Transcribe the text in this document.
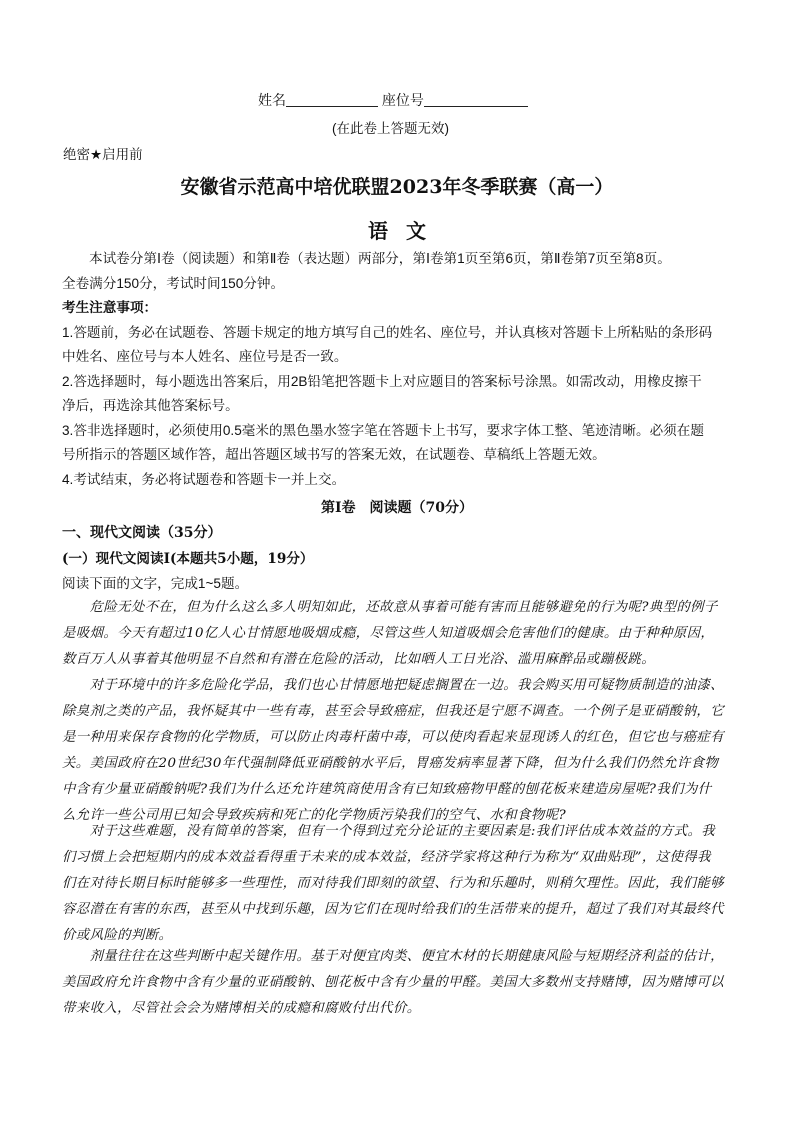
姓名	座位号
(在此卷上答题无效)
绝密★启用前
安徽省示范高中培优联盟2023年冬季联赛（高一）
语文
本试卷分第Ⅰ卷（阅读题）和第Ⅱ卷（表达题）两部分，第Ⅰ卷第1页至第6页，第Ⅱ卷第7页至第8页。
全卷满分150分，考试时间150分钟。
考生注意事项：
1.答题前，务必在试题卷、答题卡规定的地方填写自己的姓名、座位号，并认真核对答题卡上所粘贴的条形码
中姓名、座位号与本人姓名、座位号是否一致。
2.答选择题时，每小题选出答案后，用2B铅笔把答题卡上对应题目的答案标号涂黑。如需改动，用橡皮擦干
净后，再选涂其他答案标号。
3.答非选择题时，必须使用0.5毫米的黑色墨水签字笔在答题卡上书写，要求字体工整、笔迹清晰。必须在题
号所指示的答题区域作答，超出答题区域书写的答案无效，在试题卷、草稿纸上答题无效。
4.考试结束，务必将试题卷和答题卡一并上交。
第Ⅰ卷　阅读题（70分）
一、现代文阅读（35分）
(一）现代文阅读Ⅰ(本题共5小题，19分）
阅读下面的文字，完成1~5题。
　　危险无处不在，但为什么这么多人明知如此，还故意从事着可能有害而且能够避免的行为呢?典型的例子
是吸烟。今天有超过10亿人心甘情愿地吸烟成瘾，尽管这些人知道吸烟会危害他们的健康。由于种种原因，
数百万人从事着其他明显不自然和有潜在危险的活动，比如晒人工日光浴、滥用麻醉品或蹦极跳。
　　对于环境中的许多危险化学品，我们也心甘情愿地把疑虑搁置在一边。我会购买用可疑物质制造的油漆、
除臭剂之类的产品，我怀疑其中一些有毒，甚至会导致癌症，但我还是宁愿不调查。一个例子是亚硝酸钠，它
是一种用来保存食物的化学物质，可以防止肉毒杆菌中毒，可以使肉看起来显现诱人的红色，但它也与癌症有
关。美国政府在20世纪30年代强制降低亚硝酸钠水平后，胃癌发病率显著下降，但为什么我们仍然允许食物
中含有少量亚硝酸钠呢?我们为什么还允许建筑商使用含有已知致癌物甲醛的刨花板来建造房屋呢?我们为什
么允许一些公司用已知会导致疾病和死亡的化学物质污染我们的空气、水和食物呢?
　　对于这些难题，没有简单的答案，但有一个得到过充分论证的主要因素是:我们评估成本效益的方式。我
们习惯上会把短期内的成本效益看得重于未来的成本效益，经济学家将这种行为称为“双曲贴现”，这使得我
们在对待长期目标时能够多一些理性，而对待我们即刻的欲望、行为和乐趣时，则稍欠理性。因此，我们能够
容忍潜在有害的东西，甚至从中找到乐趣，因为它们在现时给我们的生活带来的提升，超过了我们对其最终代
价或风险的判断。
　　剂量往往在这些判断中起关键作用。基于对便宜肉类、便宜木材的长期健康风险与短期经济利益的估计，
美国政府允许食物中含有少量的亚硝酸钠、刨花板中含有少量的甲醛。美国大多数州支持赌博，因为赌博可以
带来收入，尽管社会会为赌博相关的成瘾和腐败付出代价。
